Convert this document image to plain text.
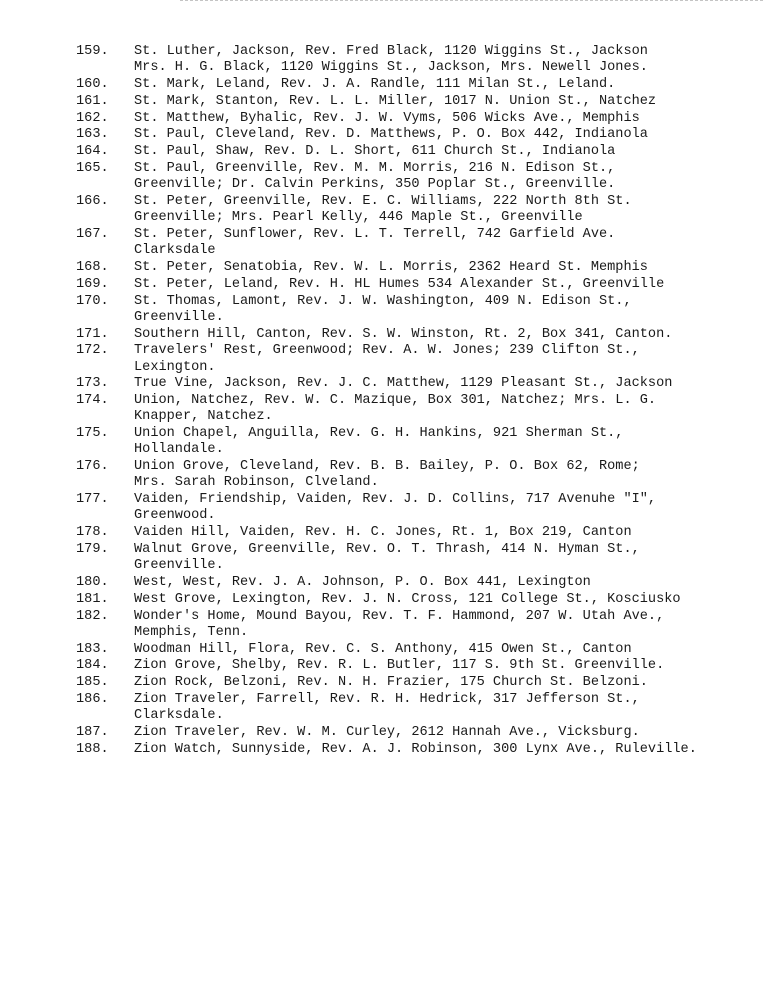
159.	St. Luther, Jackson, Rev. Fred Black, 1120 Wiggins St., Jackson
Mrs. H. G. Black, 1120 Wiggins St., Jackson, Mrs. Newell Jones.
160.	St. Mark, Leland, Rev. J. A. Randle, 111 Milan St., Leland.
161.	St. Mark, Stanton, Rev. L. L. Miller, 1017 N. Union St., Natchez
162.	St. Matthew, Byhalic, Rev. J. W. Vyms, 506 Wicks Ave., Memphis
163.	St. Paul, Cleveland, Rev. D. Matthews, P. O. Box 442, Indianola
164.	St. Paul, Shaw, Rev. D. L. Short, 611 Church St., Indianola
165.	St. Paul, Greenville, Rev. M. M. Morris, 216 N. Edison St.,
Greenville; Dr. Calvin Perkins, 350 Poplar St., Greenville.
166.	St. Peter, Greenville, Rev. E. C. Williams, 222 North 8th St.
Greenville; Mrs. Pearl Kelly, 446 Maple St., Greenville
167.	St. Peter, Sunflower, Rev. L. T. Terrell, 742 Garfield Ave.
Clarksdale
168.	St. Peter, Senatobia, Rev. W. L. Morris, 2362 Heard St. Memphis
169.	St. Peter, Leland, Rev. H. HL Humes 534 Alexander St., Greenville
170.	St. Thomas, Lamont, Rev. J. W. Washington, 409 N. Edison St.,
Greenville.
171.	Southern Hill, Canton, Rev. S. W. Winston, Rt. 2, Box 341, Canton.
172.	Travelers' Rest, Greenwood; Rev. A. W. Jones; 239 Clifton St.,
Lexington.
173.	True Vine, Jackson, Rev. J. C. Matthew, 1129 Pleasant St., Jackson
174.	Union, Natchez, Rev. W. C. Mazique, Box 301, Natchez; Mrs. L. G.
Knapper, Natchez.
175.	Union Chapel, Anguilla, Rev. G. H. Hankins, 921 Sherman St.,
Hollandale.
176.	Union Grove, Cleveland, Rev. B. B. Bailey, P. O. Box 62, Rome;
Mrs. Sarah Robinson, Clveland.
177.	Vaiden, Friendship, Vaiden, Rev. J. D. Collins, 717 Avenuhe "I",
Greenwood.
178.	Vaiden Hill, Vaiden, Rev. H. C. Jones, Rt. 1, Box 219, Canton
179.	Walnut Grove, Greenville, Rev. O. T. Thrash, 414 N. Hyman St.,
Greenville.
180.	West, West, Rev. J. A. Johnson, P. O. Box 441, Lexington
181.	West Grove, Lexington, Rev. J. N. Cross, 121 College St., Kosciusko
182.	Wonder's Home, Mound Bayou, Rev. T. F. Hammond, 207 W. Utah Ave.,
Memphis, Tenn.
183.	Woodman Hill, Flora, Rev. C. S. Anthony, 415 Owen St., Canton
184.	Zion Grove, Shelby, Rev. R. L. Butler, 117 S. 9th St. Greenville.
185.	Zion Rock, Belzoni, Rev. N. H. Frazier, 175 Church St. Belzoni.
186.	Zion Traveler, Farrell, Rev. R. H. Hedrick, 317 Jefferson St.,
Clarksdale.
187.	Zion Traveler, Rev. W. M. Curley, 2612 Hannah Ave., Vicksburg.
188.	Zion Watch, Sunnyside, Rev. A. J. Robinson, 300 Lynx Ave., Ruleville.
